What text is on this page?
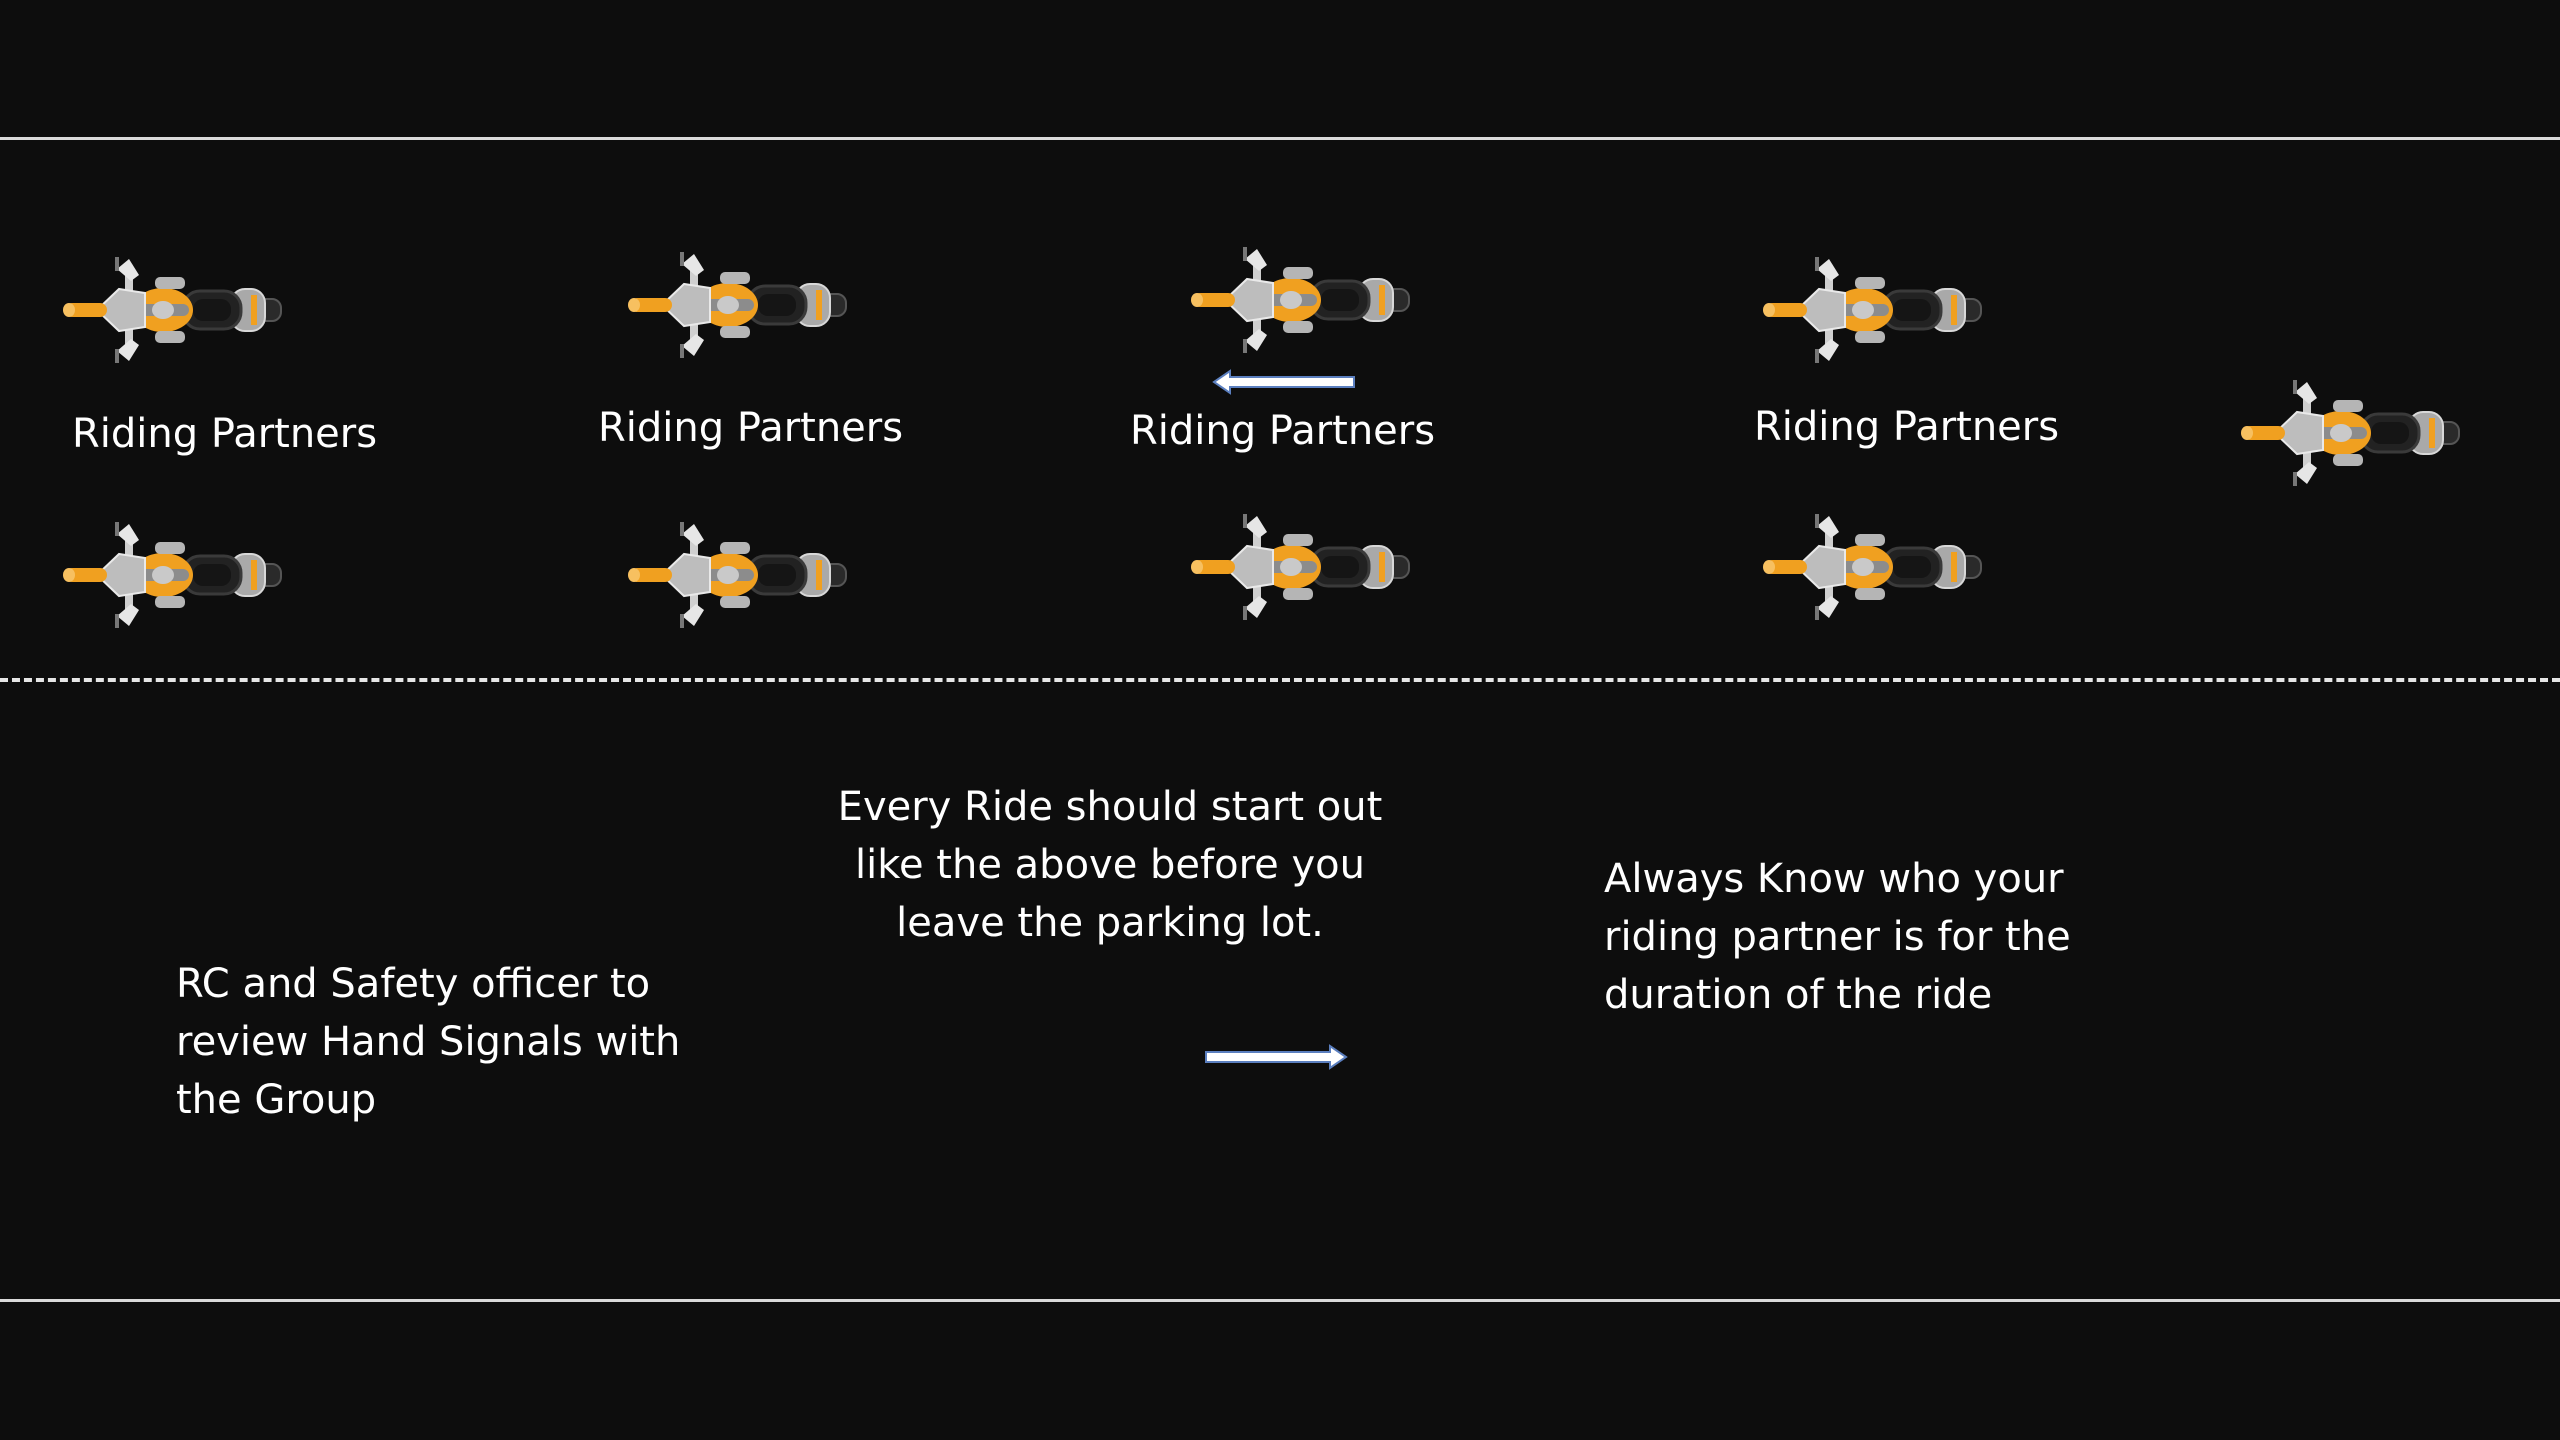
Riding Partners	Riding Partners	Riding Partners	Riding Partners
RC and Safety officer to
review Hand Signals with
the Group
Every Ride should start out
like the above before you
leave the parking lot.
Always Know who your
riding partner is for the
duration of the ride
